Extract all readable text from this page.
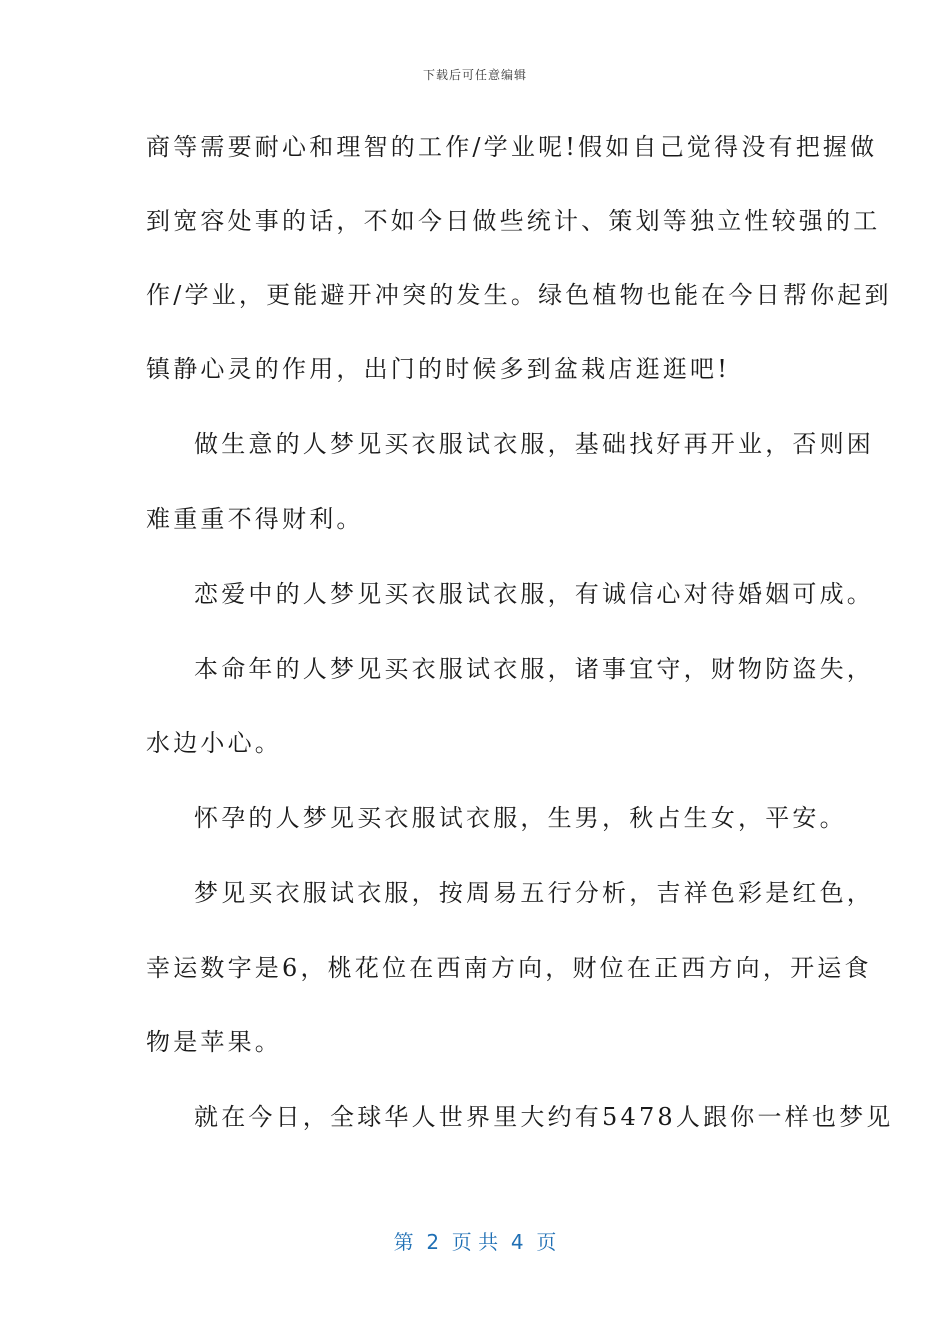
下载后可任意编辑
商等需要耐心和理智的工作/学业呢!假如自己觉得没有把握做
到宽容处事的话，不如今日做些统计、策划等独立性较强的工
作/学业，更能避开冲突的发生。绿色植物也能在今日帮你起到
镇静心灵的作用，出门的时候多到盆栽店逛逛吧!
做生意的人梦见买衣服试衣服，基础找好再开业，否则困
难重重不得财利。
恋爱中的人梦见买衣服试衣服，有诚信心对待婚姻可成。
本命年的人梦见买衣服试衣服，诸事宜守，财物防盗失，
水边小心。
怀孕的人梦见买衣服试衣服，生男，秋占生女，平安。
梦见买衣服试衣服，按周易五行分析，吉祥色彩是红色，
幸运数字是6，桃花位在西南方向，财位在正西方向，开运食
物是苹果。
就在今日，全球华人世界里大约有5478人跟你一样也梦见
第  2  页 共  4  页
